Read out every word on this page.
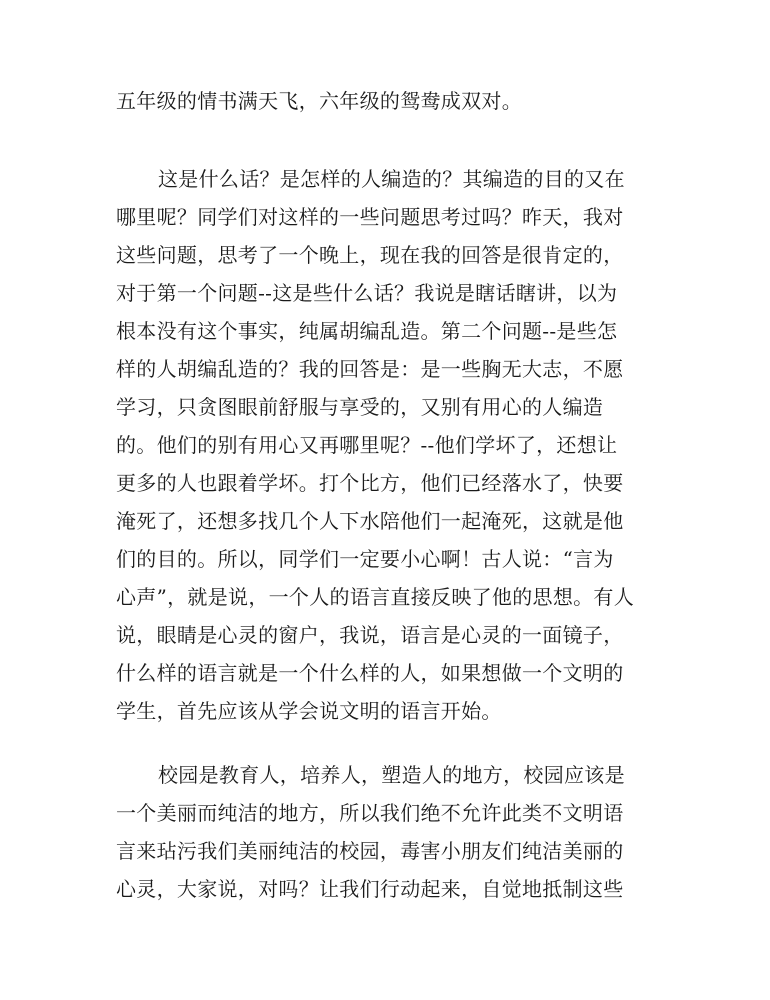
五年级的情书满天飞，六年级的鸳鸯成双对。
这是什么话？是怎样的人编造的？其编造的目的又在
哪里呢？同学们对这样的一些问题思考过吗？昨天，我对
这些问题，思考了一个晚上，现在我的回答是很肯定的，
对于第一个问题--这是些什么话？我说是瞎话瞎讲，以为
根本没有这个事实，纯属胡编乱造。第二个问题--是些怎
样的人胡编乱造的？我的回答是：是一些胸无大志，不愿
学习，只贪图眼前舒服与享受的，又别有用心的人编造
的。他们的别有用心又再哪里呢？--他们学坏了，还想让
更多的人也跟着学坏。打个比方，他们已经落水了，快要
淹死了，还想多找几个人下水陪他们一起淹死，这就是他
们的目的。所以，同学们一定要小心啊！古人说：“言为
心声”，就是说，一个人的语言直接反映了他的思想。有人
说，眼睛是心灵的窗户，我说，语言是心灵的一面镜子，
什么样的语言就是一个什么样的人，如果想做一个文明的
学生，首先应该从学会说文明的语言开始。
校园是教育人，培养人，塑造人的地方，校园应该是
一个美丽而纯洁的地方，所以我们绝不允许此类不文明语
言来玷污我们美丽纯洁的校园，毒害小朋友们纯洁美丽的
心灵，大家说，对吗？让我们行动起来，自觉地抵制这些
